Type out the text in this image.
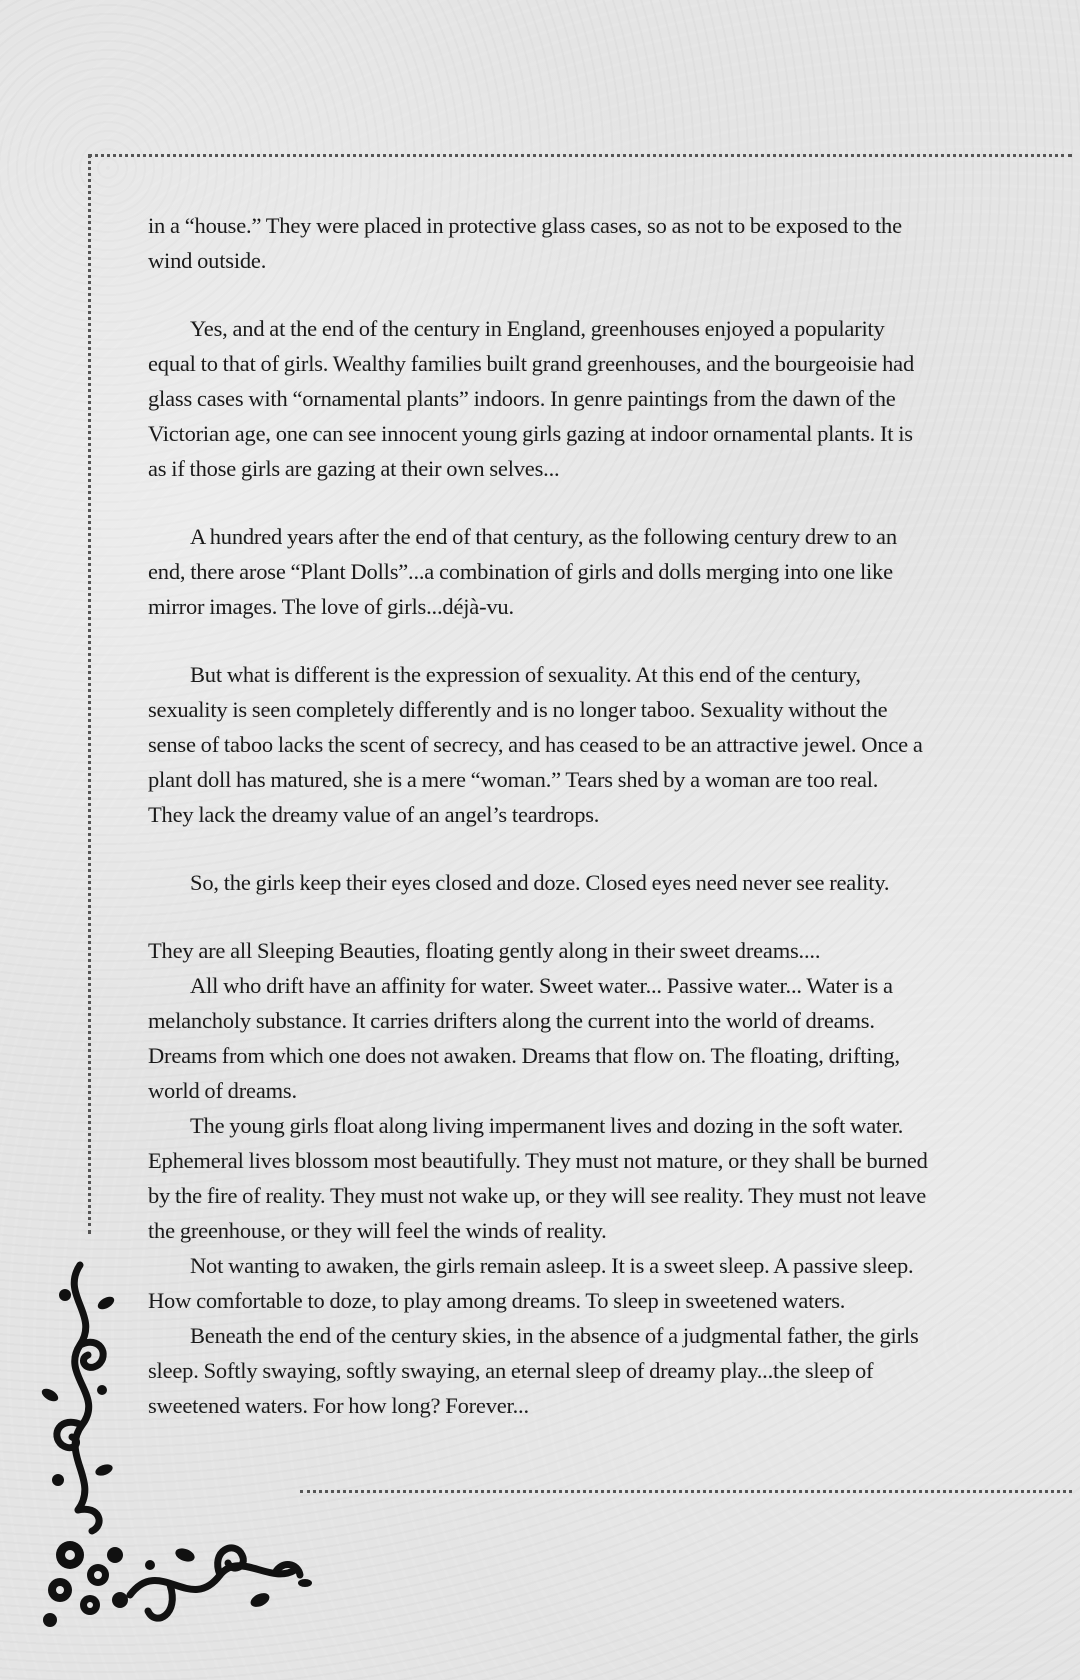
in a “house.” They were placed in protective glass cases, so as not to be exposed to the wind outside.

Yes, and at the end of the century in England, greenhouses enjoyed a popularity equal to that of girls. Wealthy families built grand greenhouses, and the bourgeoisie had glass cases with “ornamental plants” indoors. In genre paintings from the dawn of the Victorian age, one can see innocent young girls gazing at indoor ornamental plants. It is as if those girls are gazing at their own selves...

A hundred years after the end of that century, as the following century drew to an end, there arose “Plant Dolls”...a combination of girls and dolls merging into one like mirror images. The love of girls...déjà-vu.

But what is different is the expression of sexuality. At this end of the century, sexuality is seen completely differently and is no longer taboo. Sexuality without the sense of taboo lacks the scent of secrecy, and has ceased to be an attractive jewel. Once a plant doll has matured, she is a mere “woman.” Tears shed by a woman are too real. They lack the dreamy value of an angel’s teardrops.

So, the girls keep their eyes closed and doze. Closed eyes need never see reality.

They are all Sleeping Beauties, floating gently along in their sweet dreams....

All who drift have an affinity for water. Sweet water... Passive water... Water is a melancholy substance. It carries drifters along the current into the world of dreams. Dreams from which one does not awaken. Dreams that flow on. The floating, drifting, world of dreams.

The young girls float along living impermanent lives and dozing in the soft water. Ephemeral lives blossom most beautifully. They must not mature, or they shall be burned by the fire of reality. They must not wake up, or they will see reality. They must not leave the greenhouse, or they will feel the winds of reality.

Not wanting to awaken, the girls remain asleep. It is a sweet sleep. A passive sleep. How comfortable to doze, to play among dreams. To sleep in sweetened waters.

Beneath the end of the century skies, in the absence of a judgmental father, the girls sleep. Softly swaying, softly swaying, an eternal sleep of dreamy play...the sleep of sweetened waters. For how long? Forever...
